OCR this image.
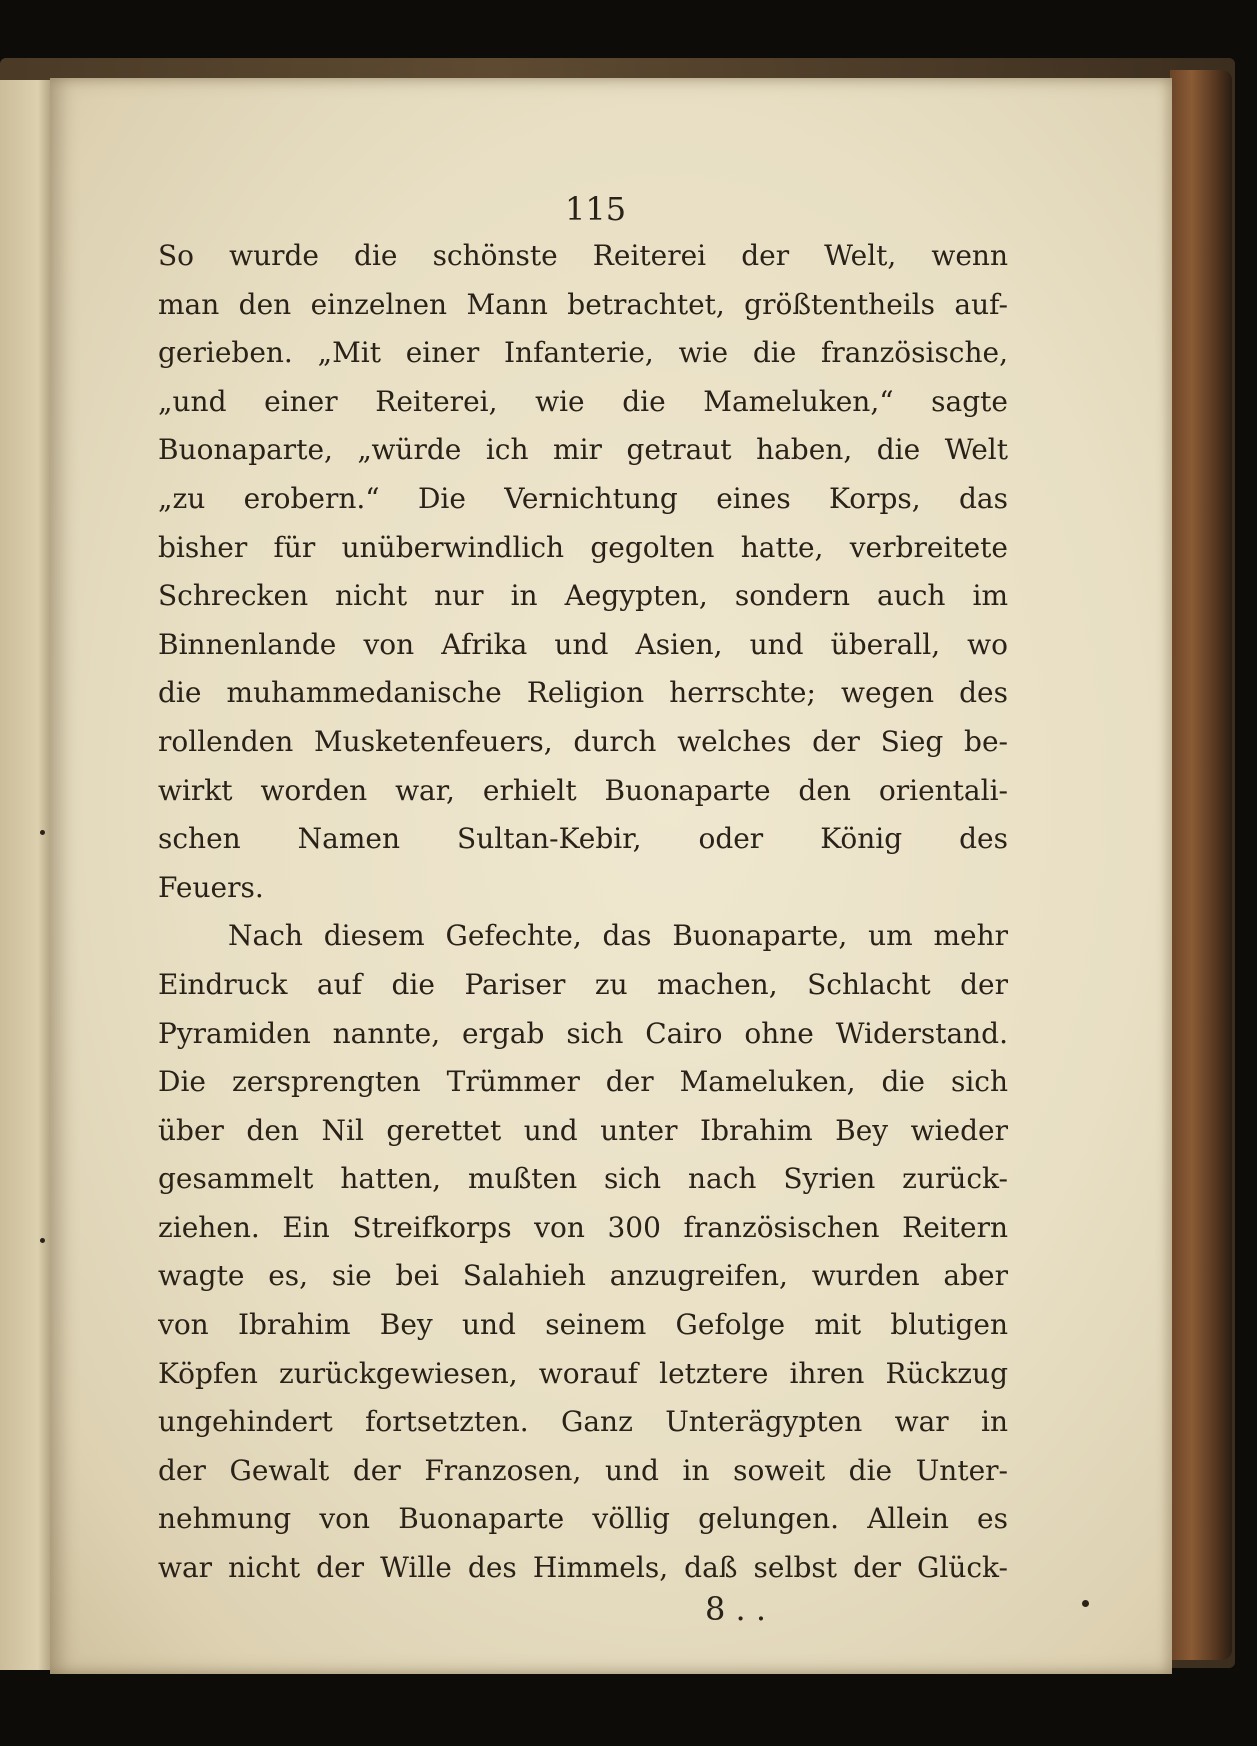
115
So wurde die schönste Reiterei der Welt, wenn
man den einzelnen Mann betrachtet, größtentheils auf-
gerieben. „Mit einer Infanterie, wie die französische,
„und einer Reiterei, wie die Mameluken,“ sagte
Buonaparte, „würde ich mir getraut haben, die Welt
„zu erobern.“ Die Vernichtung eines Korps, das
bisher für unüberwindlich gegolten hatte, verbreitete
Schrecken nicht nur in Aegypten, sondern auch im
Binnenlande von Afrika und Asien, und überall, wo
die muhammedanische Religion herrschte; wegen des
rollenden Musketenfeuers, durch welches der Sieg be-
wirkt worden war, erhielt Buonaparte den orientali-
schen Namen Sultan-Kebir, oder König des
Feuers.
Nach diesem Gefechte, das Buonaparte, um mehr
Eindruck auf die Pariser zu machen, Schlacht der
Pyramiden nannte, ergab sich Cairo ohne Widerstand.
Die zersprengten Trümmer der Mameluken, die sich
über den Nil gerettet und unter Ibrahim Bey wieder
gesammelt hatten, mußten sich nach Syrien zurück-
ziehen. Ein Streifkorps von 300 französischen Reitern
wagte es, sie bei Salahieh anzugreifen, wurden aber
von Ibrahim Bey und seinem Gefolge mit blutigen
Köpfen zurückgewiesen, worauf letztere ihren Rückzug
ungehindert fortsetzten. Ganz Unterägypten war in
der Gewalt der Franzosen, und in soweit die Unter-
nehmung von Buonaparte völlig gelungen. Allein es
war nicht der Wille des Himmels, daß selbst der Glück-
8 . .
